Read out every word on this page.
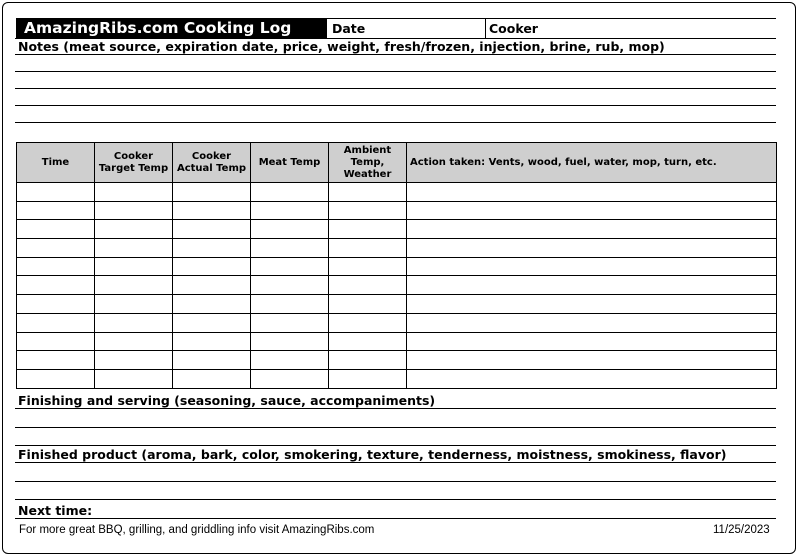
AmazingRibs.com Cooking Log	Date	Cooker
Notes (meat source, expiration date, price, weight, fresh/frozen, injection, brine, rub, mop)
Time	Cooker Target Temp	Cooker Actual Temp	Meat Temp	Ambient Temp, Weather	Action taken: Vents, wood, fuel, water, mop, turn, etc.

Finishing and serving (seasoning, sauce, accompaniments)
Finished product (aroma, bark, color, smokering, texture, tenderness, moistness, smokiness, flavor)
Next time:
For more great BBQ, grilling, and griddling info visit AmazingRibs.com	11/25/2023
